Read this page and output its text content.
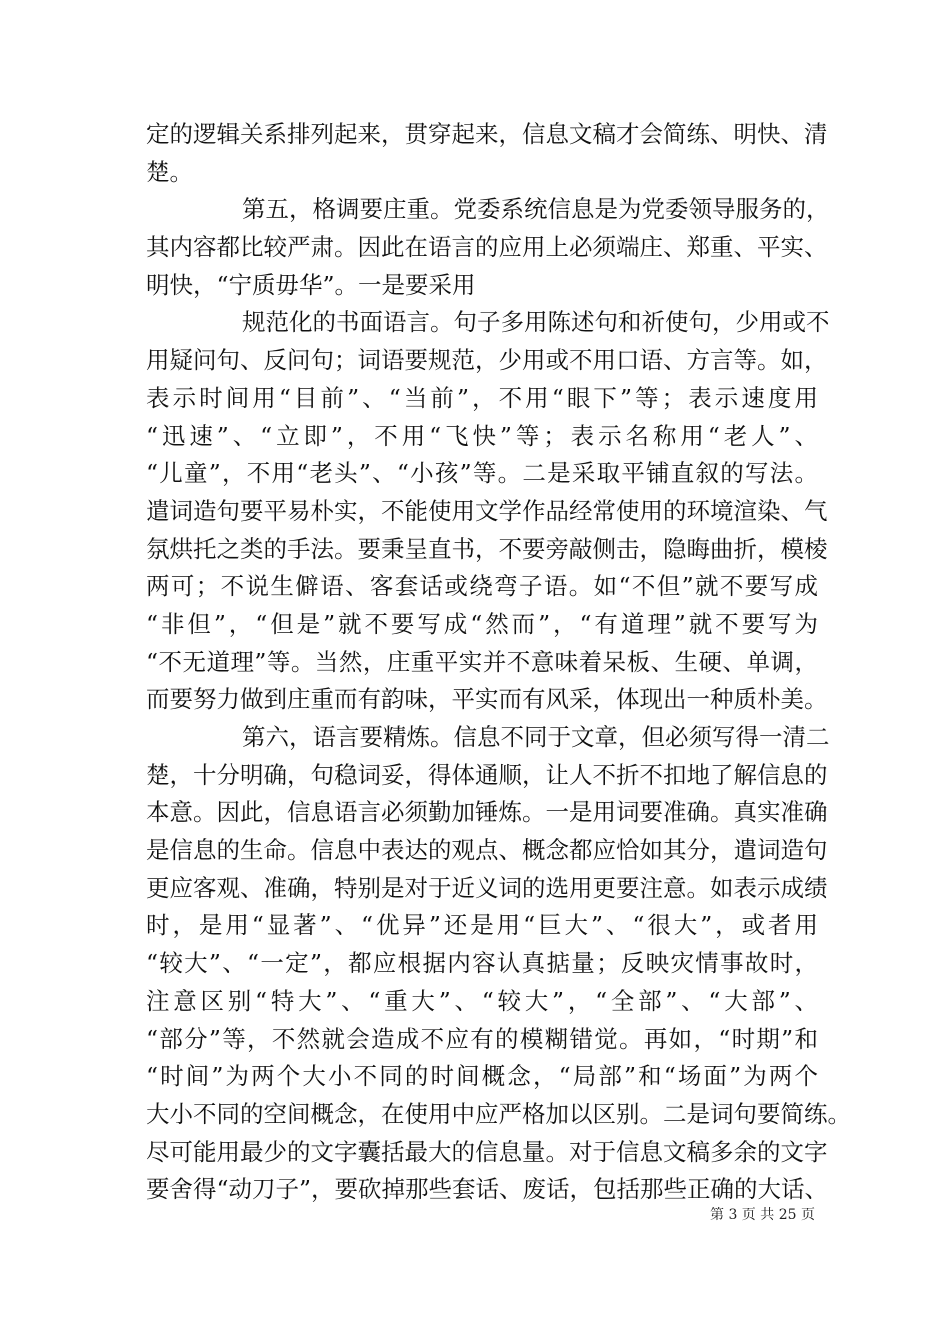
定的逻辑关系排列起来，贯穿起来，信息文稿才会简练、明快、清
楚。
第五，格调要庄重。党委系统信息是为党委领导服务的，
其内容都比较严肃。因此在语言的应用上必须端庄、郑重、平实、
明快，“宁质毋华”。一是要采用
规范化的书面语言。句子多用陈述句和祈使句，少用或不
用疑问句、反问句；词语要规范，少用或不用口语、方言等。如，
表示时间用“目前”、“当前”，不用“眼下”等；表示速度用
“迅速”、“立即”，不用“飞快”等；表示名称用“老人”、
“儿童”，不用“老头”、“小孩”等。二是采取平铺直叙的写法。
遣词造句要平易朴实，不能使用文学作品经常使用的环境渲染、气
氛烘托之类的手法。要秉呈直书，不要旁敲侧击，隐晦曲折，模棱
两可；不说生僻语、客套话或绕弯子语。如“不但”就不要写成
“非但”，“但是”就不要写成“然而”，“有道理”就不要写为
“不无道理”等。当然，庄重平实并不意味着呆板、生硬、单调，
而要努力做到庄重而有韵味，平实而有风采，体现出一种质朴美。
第六，语言要精炼。信息不同于文章，但必须写得一清二
楚，十分明确，句稳词妥，得体通顺，让人不折不扣地了解信息的
本意。因此，信息语言必须勤加锤炼。一是用词要准确。真实准确
是信息的生命。信息中表达的观点、概念都应恰如其分，遣词造句
更应客观、准确，特别是对于近义词的选用更要注意。如表示成绩
时，是用“显著”、“优异”还是用“巨大”、“很大”，或者用
“较大”、“一定”，都应根据内容认真掂量；反映灾情事故时，
注意区别“特大”、“重大”、“较大”，“全部”、“大部”、
“部分”等，不然就会造成不应有的模糊错觉。再如，“时期”和
“时间”为两个大小不同的时间概念，“局部”和“场面”为两个
大小不同的空间概念，在使用中应严格加以区别。二是词句要简练。
尽可能用最少的文字囊括最大的信息量。对于信息文稿多余的文字
要舍得“动刀子”，要砍掉那些套话、废话，包括那些正确的大话、
第 3 页 共 25 页
